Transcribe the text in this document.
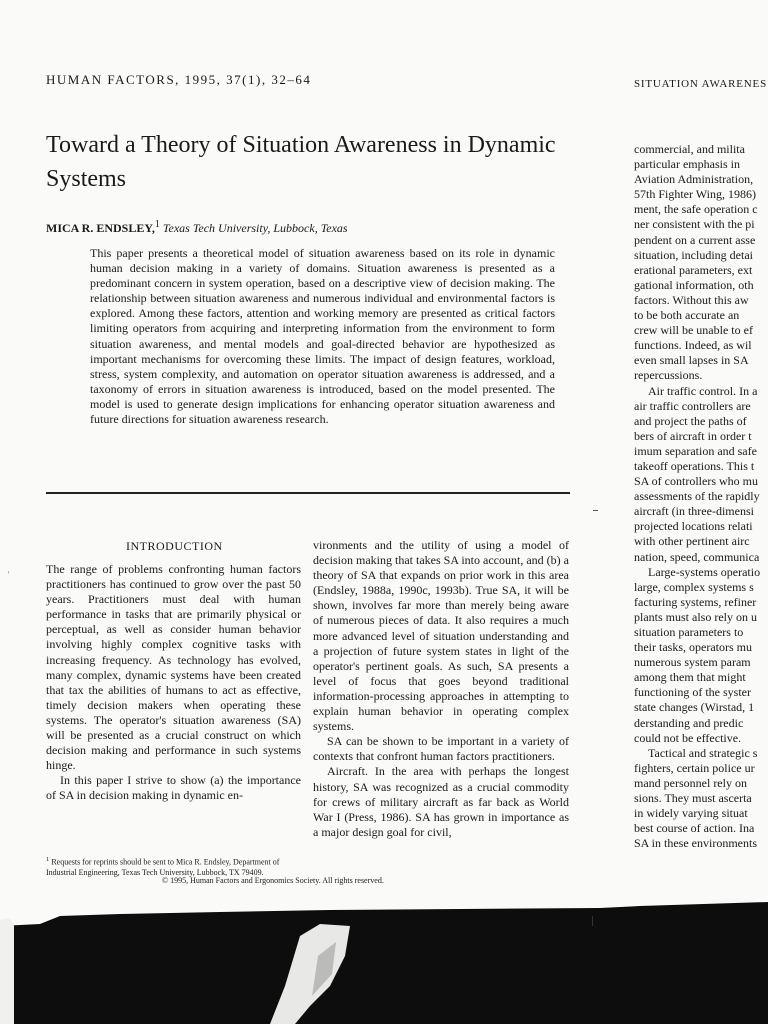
HUMAN FACTORS, 1995, 37(1), 32–64	SITUATION AWARENES
Toward a Theory of Situation Awareness in Dynamic Systems
MICA R. ENDSLEY,$^1$ Texas Tech University, Lubbock, Texas

This paper presents a theoretical model of situation awareness based on its role in dynamic human decision making in a variety of domains. Situation awareness is presented as a predominant concern in system operation, based on a descriptive view of decision making. The relationship between situation awareness and numerous individual and environmental factors is explored. Among these factors, attention and working memory are presented as critical factors limiting operators from acquiring and interpreting information from the environment to form situation awareness, and mental models and goal-directed behavior are hypothesized as important mechanisms for overcoming these limits. The impact of design features, workload, stress, system complexity, and automation on operator situation awareness is addressed, and a taxonomy of errors in situation awareness is introduced, based on the model presented. The model is used to generate design implications for enhancing operator situation awareness and future directions for situation awareness research.

'
INTRODUCTION

The range of problems confronting human factors practitioners has continued to grow over the past 50 years. Practitioners must deal with human performance in tasks that are primarily physical or perceptual, as well as consider human behavior involving highly complex cognitive tasks with increasing frequency. As technology has evolved, many complex, dynamic systems have been created that tax the abilities of humans to act as effective, timely decision makers when operating these systems. The operator's situation awareness (SA) will be presented as a crucial construct on which decision making and performance in such systems hinge.

In this paper I strive to show (a) the importance of SA in decision making in dynamic en-

vironments and the utility of using a model of decision making that takes SA into account, and (b) a theory of SA that expands on prior work in this area (Endsley, 1988a, 1990c, 1993b). True SA, it will be shown, involves far more than merely being aware of numerous pieces of data. It also requires a much more advanced level of situation understanding and a projection of future system states in light of the operator's pertinent goals. As such, SA presents a level of focus that goes beyond traditional information-processing approaches in attempting to explain human behavior in operating complex systems.

SA can be shown to be important in a variety of contexts that confront human factors practitioners.

Aircraft. In the area with perhaps the longest history, SA was recognized as a crucial commodity for crews of military aircraft as far back as World War I (Press, 1986). SA has grown in importance as a major design goal for civil,

$^1$ Requests for reprints should be sent to Mica R. Endsley, Department of Industrial Engineering, Texas Tech University, Lubbock, TX 79409.
© 1995, Human Factors and Ergonomics Society. All rights reserved.
commercial, and milita
particular emphasis in
Aviation Administration,
57th Fighter Wing, 1986)
ment, the safe operation c
ner consistent with the pi
pendent on a current asse
situation, including detai
erational parameters, ext
gational information, oth
factors. Without this aw
to be both accurate an
crew will be unable to ef
functions. Indeed, as wil
even small lapses in SA
repercussions.
Air traffic control. In a
air traffic controllers are
and project the paths of
bers of aircraft in order t
imum separation and safe
takeoff operations. This t
SA of controllers who mu
assessments of the rapidly
aircraft (in three-dimensi
projected locations relati
with other pertinent airc
nation, speed, communica
Large-systems operatio
large, complex systems s
facturing systems, refiner
plants must also rely on u
situation parameters to
their tasks, operators mu
numerous system param
among them that might
functioning of the syster
state changes (Wirstad, 1
derstanding and predic
could not be effective.
Tactical and strategic s
fighters, certain police ur
mand personnel rely on
sions. They must ascerta
in widely varying situat
best course of action. Ina
SA in these environments
